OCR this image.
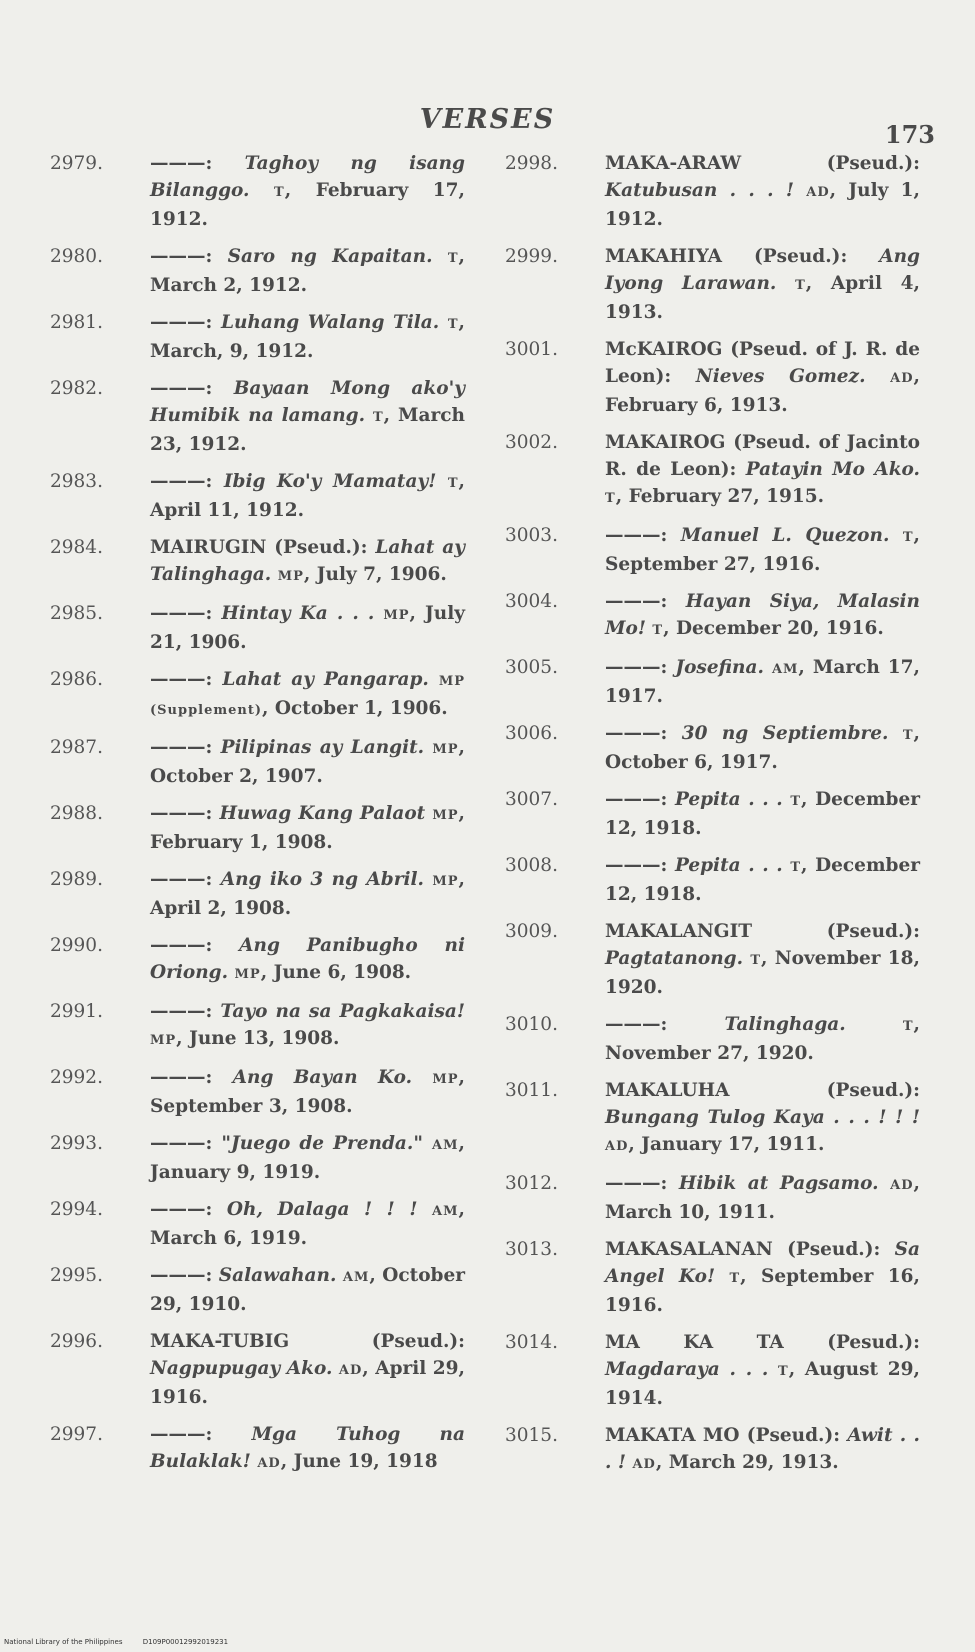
VERSES	173
2979 .	———: Taghoy ng isang Bilanggo. T, February 17, 1912.
2980 .	———: Saro ng Kapaitan. T, March 2, 1912.
2981 .	———: Luhang Walang Tila. T, March, 9, 1912.
2982 .	———: Bayaan Mong ako'y Humibik na lamang. T, March 23, 1912.
2983 .	———: Ibig Ko'y Mamatay! T, April 11, 1912.
2984 .	MAIRUGIN (Pseud.): Lahat ay Talinghaga. MP, July 7, 1906.
2985 .	———: Hintay Ka . . . MP, July 21, 1906.
2986 .	———: Lahat ay Pangarap. MP (Supplement), October 1, 1906.
2987 .	———: Pilipinas ay Langit. MP, October 2, 1907.
2988 .	———: Huwag Kang Palaot MP, February 1, 1908.
2989 .	———: Ang iko 3 ng Abril. MP, April 2, 1908.
2990 .	———: Ang Panibugho ni Oriong. MP, June 6, 1908.
2991 .	———: Tayo na sa Pagkakaisa! MP, June 13, 1908.
2992 .	———: Ang Bayan Ko. MP, September 3, 1908.
2993 .	———: "Juego de Prenda." AM, January 9, 1919.
2994 .	———: Oh, Dalaga ! ! ! AM, March 6, 1919.
2995 .	———: Salawahan. AM, October 29, 1910.
2996 .	MAKA-TUBIG (Pseud.): Nagpupugay Ako. AD, April 29, 1916.
2997 .	———: Mga Tuhog na Bulaklak! AD, June 19, 1918
2998 .	MAKA-ARAW (Pseud.): Katubusan . . . ! AD, July 1, 1912.
2999 .	MAKAHIYA (Pseud.): Ang Iyong Larawan. T, April 4, 1913.
3001 .	McKAIROG (Pseud. of J. R. de Leon): Nieves Gomez. AD, February 6, 1913.
3002 .	MAKAIROG (Pseud. of Jacinto R. de Leon): Patayin Mo Ako. T, February 27, 1915.
3003 .	———: Manuel L. Quezon. T, September 27, 1916.
3004 .	———: Hayan Siya, Malasin Mo! T, December 20, 1916.
3005 .	———: Josefina. AM, March 17, 1917.
3006 .	———: 30 ng Septiembre. T, October 6, 1917.
3007 .	———: Pepita . . . T, December 12, 1918.
3008 .	———: Pepita . . . T, December 12, 1918.
3009 .	MAKALANGIT (Pseud.): Pagtatanong. T, November 18, 1920.
3010 .	———: Talinghaga.	T, November 27, 1920.
3011 .	MAKALUHA (Pseud.): Bungang Tulog Kaya . . . ! ! ! AD, January 17, 1911.
3012 .	———: Hibik at Pagsamo. AD, March 10, 1911.
3013 .	MAKASALANAN (Pseud.): Sa Angel Ko! T, September 16, 1916.
3014 .	MA KA TA (Pesud.): Magdaraya . . . T, August 29, 1914.
3015 .	MAKATA MO (Pseud.): Awit . . . ! AD, March 29, 1913.
National Library of the Philippines	D109P00012992019231
